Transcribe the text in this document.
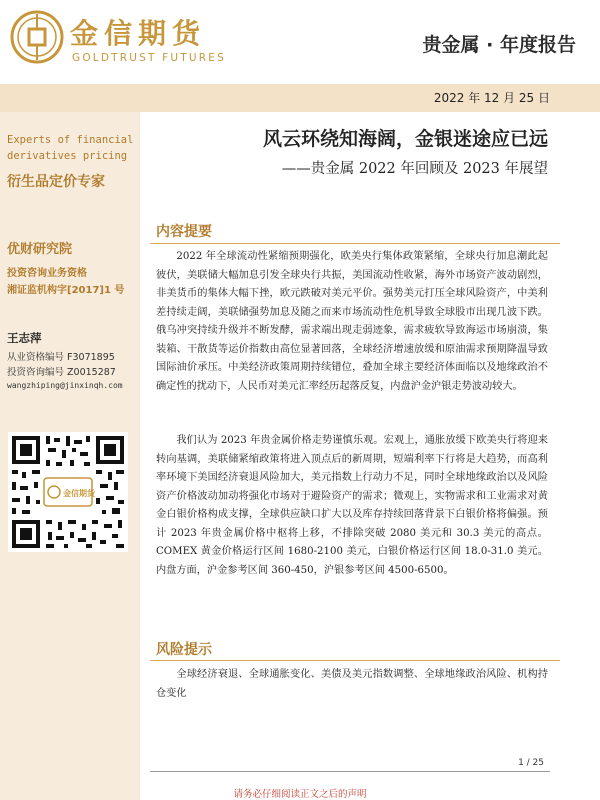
金信期货
GOLDTRUST FUTURES
贵金属 · 年度报告
2022 年 12 月 25 日
Experts of financial derivatives pricing
衍生品定价专家
优财研究院
投资咨询业务资格
湘证监机构字[2017]1 号
王志萍
从业资格编号 F3071895
投资咨询编号 Z0015287
wangzhiping@jinxinqh.com
金信期货
风云环绕知海阔，金银迷途应已远
——贵金属 2022 年回顾及 2023 年展望
内容提要

2022 年全球流动性紧缩预期强化，欧美央行集体政策紧缩，全球央行加息潮此起彼伏，美联储大幅加息引发全球央行共振，美国流动性收紧，海外市场资产波动剧烈，非美货币的集体大幅下挫，欧元跌破对美元平价。强势美元打压全球风险资产，中美利差持续走阔，美联储强势加息及随之而来市场流动性危机导致全球股市出现几波下跌。俄乌冲突持续升级并不断发酵，需求端出现走弱迹象，需求疲软导致海运市场崩溃，集装箱、干散货等运价指数由高位显著回落，全球经济增速放缓和原油需求预期降温导致国际油价承压。中美经济政策周期持续错位，叠加全球主要经济体面临以及地缘政治不确定性的扰动下，人民币对美元汇率经历起落反复，内盘沪金沪银走势波动较大。

我们认为 2023 年贵金属价格走势谨慎乐观。宏观上，通胀放缓下欧美央行将迎来转向基调，美联储紧缩政策将进入顶点后的新周期，短端利率下行将是大趋势，而高利率环境下美国经济衰退风险加大，美元指数上行动力不足，同时全球地缘政治以及风险资产价格波动加动将强化市场对于避险资产的需求；微观上，实物需求和工业需求对黄金白银价格构成支撑，全球供应缺口扩大以及库存持续回落背景下白银价格将偏强。预计 2023 年贵金属价格中枢将上移，不排除突破 2080 美元和 30.3 美元的高点。COMEX 黄金价格运行区间 1680-2100 美元，白银价格运行区间 18.0-31.0 美元。内盘方面，沪金参考区间 360-450，沪银参考区间 4500-6500。

风险提示

全球经济衰退、全球通胀变化、美债及美元指数调整、全球地缘政治风险、机构持仓变化

1 / 25
请务必仔细阅读正文之后的声明
